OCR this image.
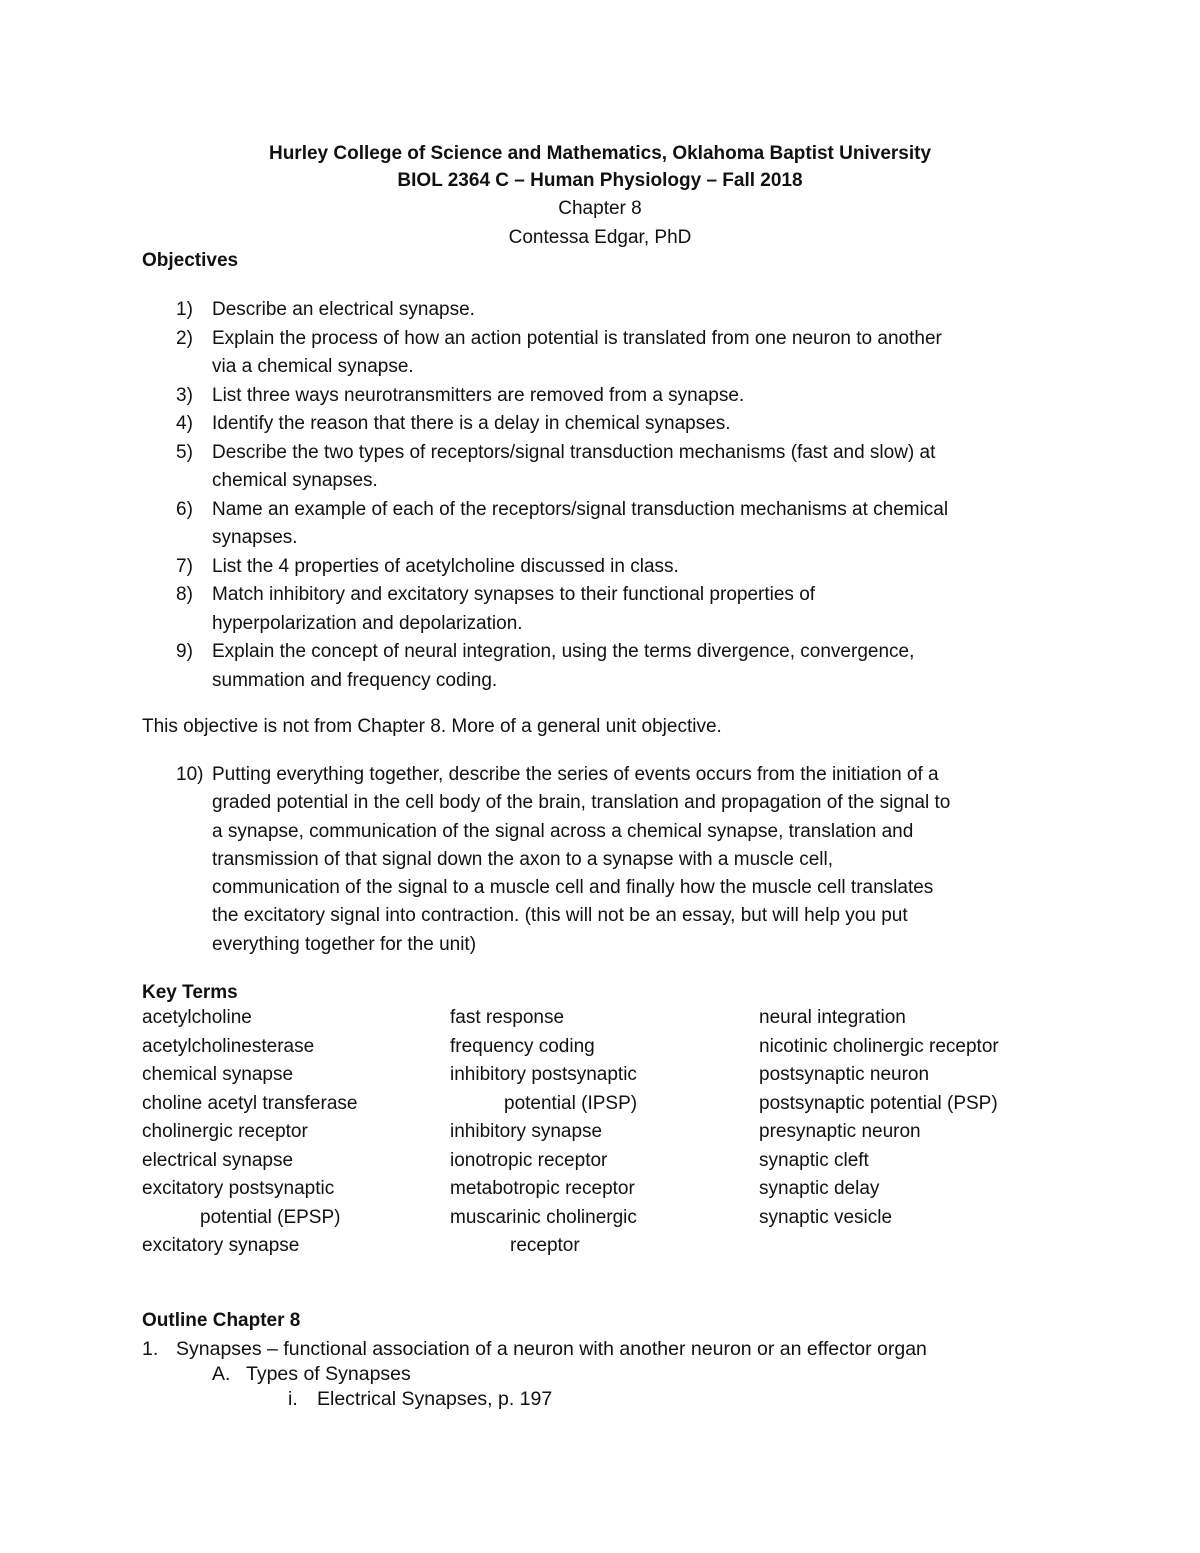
Hurley College of Science and Mathematics, Oklahoma Baptist University
BIOL 2364 C – Human Physiology – Fall 2018
Chapter 8
Contessa Edgar, PhD
Objectives
1) Describe an electrical synapse.
2) Explain the process of how an action potential is translated from one neuron to another
via a chemical synapse.
3) List three ways neurotransmitters are removed from a synapse.
4) Identify the reason that there is a delay in chemical synapses.
5) Describe the two types of receptors/signal transduction mechanisms (fast and slow) at
chemical synapses.
6) Name an example of each of the receptors/signal transduction mechanisms at chemical
synapses.
7) List the 4 properties of acetylcholine discussed in class.
8) Match inhibitory and excitatory synapses to their functional properties of
hyperpolarization and depolarization.
9) Explain the concept of neural integration, using the terms divergence, convergence,
summation and frequency coding.
This objective is not from Chapter 8. More of a general unit objective.
10) Putting everything together, describe the series of events occurs from the initiation of a
graded potential in the cell body of the brain, translation and propagation of the signal to
a synapse, communication of the signal across a chemical synapse, translation and
transmission of that signal down the axon to a synapse with a muscle cell,
communication of the signal to a muscle cell and finally how the muscle cell translates
the excitatory signal into contraction. (this will not be an essay, but will help you put
everything together for the unit)
Key Terms
acetylcholine
acetylcholinesterase
chemical synapse
choline acetyl transferase
cholinergic receptor
electrical synapse
excitatory postsynaptic
potential (EPSP)
excitatory synapse
fast response
frequency coding
inhibitory postsynaptic
potential (IPSP)
inhibitory synapse
ionotropic receptor
metabotropic receptor
muscarinic cholinergic
receptor
neural integration
nicotinic cholinergic receptor
postsynaptic neuron
postsynaptic potential (PSP)
presynaptic neuron
synaptic cleft
synaptic delay
synaptic vesicle
Outline Chapter 8
1. Synapses – functional association of a neuron with another neuron or an effector organ
A. Types of Synapses
i. Electrical Synapses, p. 197
